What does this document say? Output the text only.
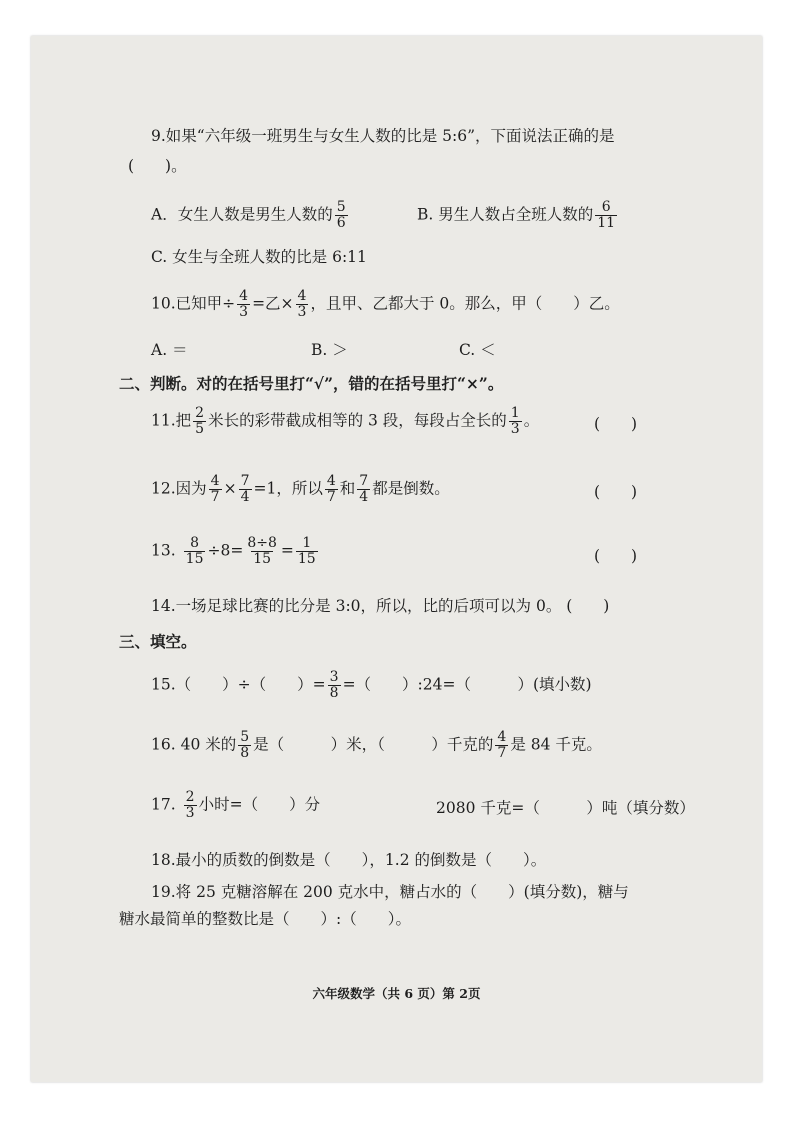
9.如果“六年级一班男生与女生人数的比是 5:6”，下面说法正确的是
(　　)。
A．女生人数是男生人数的 $\frac{5}{6}$	B. 男生人数占全班人数的 $\frac{6}{11}$
C. 女生与全班人数的比是 6:11
10.已知甲÷ $\frac{4}{3}$ =乙× $\frac{4}{3}$ ，且甲、乙都大于 0。那么，甲（　　）乙。
A. ＝	B. ＞	C. ＜
二、判断。对的在括号里打“√”，错的在括号里打“×”。
11.把 $\frac{2}{5}$ 米长的彩带截成相等的 3 段，每段占全长的 $\frac{1}{3}$ 。	(　　)
12.因为 $\frac{4}{7} \times \frac{7}{4} =1$，所以 $\frac{4}{7}$ 和 $\frac{7}{4}$ 都是倒数。	(　　)
13. $\frac{8}{15} \div 8= \frac{8\div 8}{15} = \frac{1}{15}$	(　　)
14.一场足球比赛的比分是 3:0，所以，比的后项可以为 0。 (　　)
三、填空。
15.（　　）÷（　　）= $\frac{3}{8}$ =（　　）:24=（　　　）(填小数)
16. 40 米的 $\frac{5}{8}$ 是（　　　）米，（　　　）千克的 $\frac{4}{7}$ 是 84 千克。
17. $\frac{2}{3}$ 小时=（　　）分	2080 千克=（　　　）吨（填分数）
18.最小的质数的倒数是（　　），1.2 的倒数是（　　）。
19.将 25 克糖溶解在 200 克水中，糖占水的（　　）(填分数)，糖与
糖水最简单的整数比是（　　）:（　　）。
六年级数学（共 6 页）第 2页
